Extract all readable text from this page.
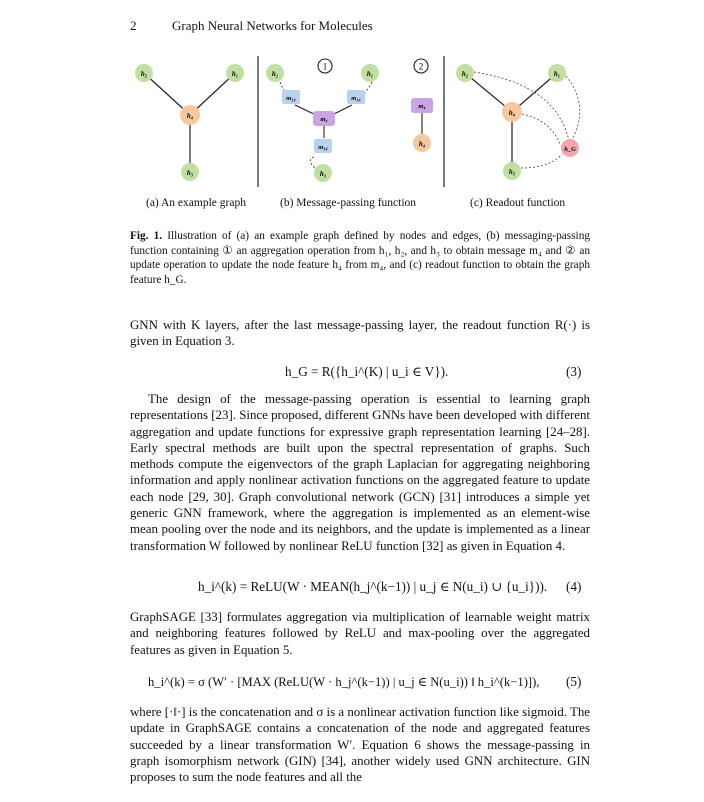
2	Graph Neural Networks for Molecules
h₂	h₁
h₄
h₃
1	2
h₂	h₁
h₃
m₂₄	m₁₄
m₃₄
m₄
m₄
h₄
h₂	h₁
h₄
h₃
h_G
(a) An example graph	(b) Message-passing function	(c) Readout function
Fig. 1. Illustration of (a) an example graph defined by nodes and edges, (b) messaging-passing function containing ① an aggregation operation from h₁, h₂, and h₃ to obtain message m₄ and ② an update operation to update the node feature h₄ from m₄, and (c) readout function to obtain the graph feature h_G.
GNN with K layers, after the last message-passing layer, the readout function R(·) is given in Equation 3.
h_G = R({h_i^(K) | u_i ∈ V}).	(3)
The design of the message-passing operation is essential to learning graph representations [23]. Since proposed, different GNNs have been developed with different aggregation and update functions for expressive graph representation learning [24–28]. Early spectral methods are built upon the spectral representation of graphs. Such methods compute the eigenvectors of the graph Laplacian for aggregating neighboring information and apply nonlinear activation functions on the aggregated feature to update each node [29, 30]. Graph convolutional network (GCN) [31] introduces a simple yet generic GNN framework, where the aggregation is implemented as an element-wise mean pooling over the node and its neighbors, and the update is implemented as a linear transformation W followed by nonlinear ReLU function [32] as given in Equation 4.
h_i^(k) = ReLU(W · MEAN(h_j^(k−1)) | u_j ∈ N(u_i) ∪ {u_i})). (4)
GraphSAGE [33] formulates aggregation via multiplication of learnable weight matrix and neighboring features followed by ReLU and max-pooling over the aggregated features as given in Equation 5.
h_i^(k) = σ (W′ · [MAX (ReLU(W · h_j^(k−1)) | u_j ∈ N(u_i)) ‖ h_i^(k−1)]), (5)
where [·‖·] is the concatenation and σ is a nonlinear activation function like sigmoid. The update in GraphSAGE contains a concatenation of the node and aggregated features succeeded by a linear transformation W′. Equation 6 shows the message-passing in graph isomorphism network (GIN) [34], another widely used GNN architecture. GIN proposes to sum the node features and all the
